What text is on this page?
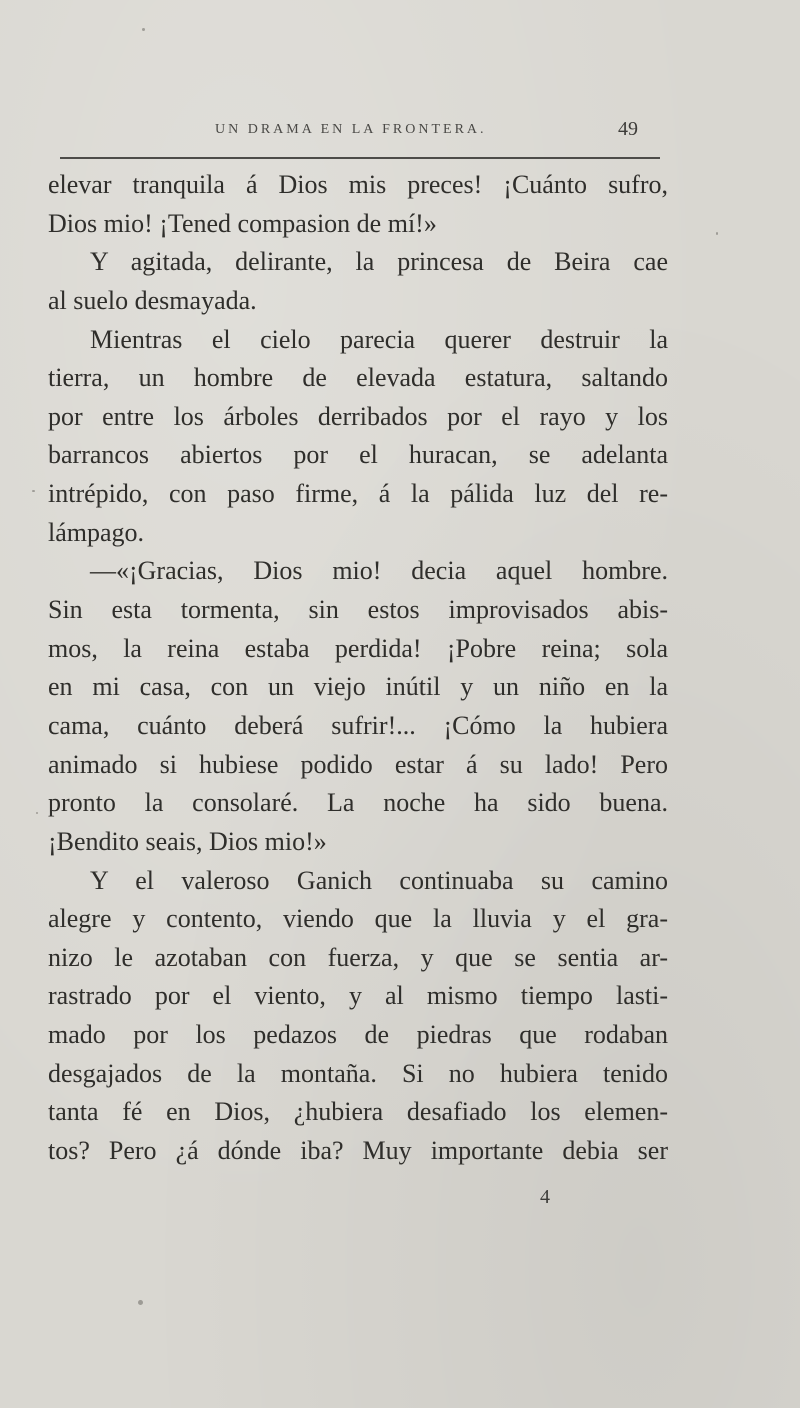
UN DRAMA EN LA FRONTERA.	49
elevar tranquila á Dios mis preces! ¡Cuánto sufro,
Dios mio! ¡Tened compasion de mí!»
Y agitada, delirante, la princesa de Beira cae
al suelo desmayada.
Mientras el cielo parecia querer destruir la
tierra, un hombre de elevada estatura, saltando
por entre los árboles derribados por el rayo y los
barrancos abiertos por el huracan, se adelanta
intrépido, con paso firme, á la pálida luz del re-
lámpago.
—«¡Gracias, Dios mio! decia aquel hombre.
Sin esta tormenta, sin estos improvisados abis-
mos, la reina estaba perdida! ¡Pobre reina; sola
en mi casa, con un viejo inútil y un niño en la
cama, cuánto deberá sufrir!... ¡Cómo la hubiera
animado si hubiese podido estar á su lado! Pero
pronto la consolaré. La noche ha sido buena.
¡Bendito seais, Dios mio!»
Y el valeroso Ganich continuaba su camino
alegre y contento, viendo que la lluvia y el gra-
nizo le azotaban con fuerza, y que se sentia ar-
rastrado por el viento, y al mismo tiempo lasti-
mado por los pedazos de piedras que rodaban
desgajados de la montaña. Si no hubiera tenido
tanta fé en Dios, ¿hubiera desafiado los elemen-
tos? Pero ¿á dónde iba? Muy importante debia ser
4
